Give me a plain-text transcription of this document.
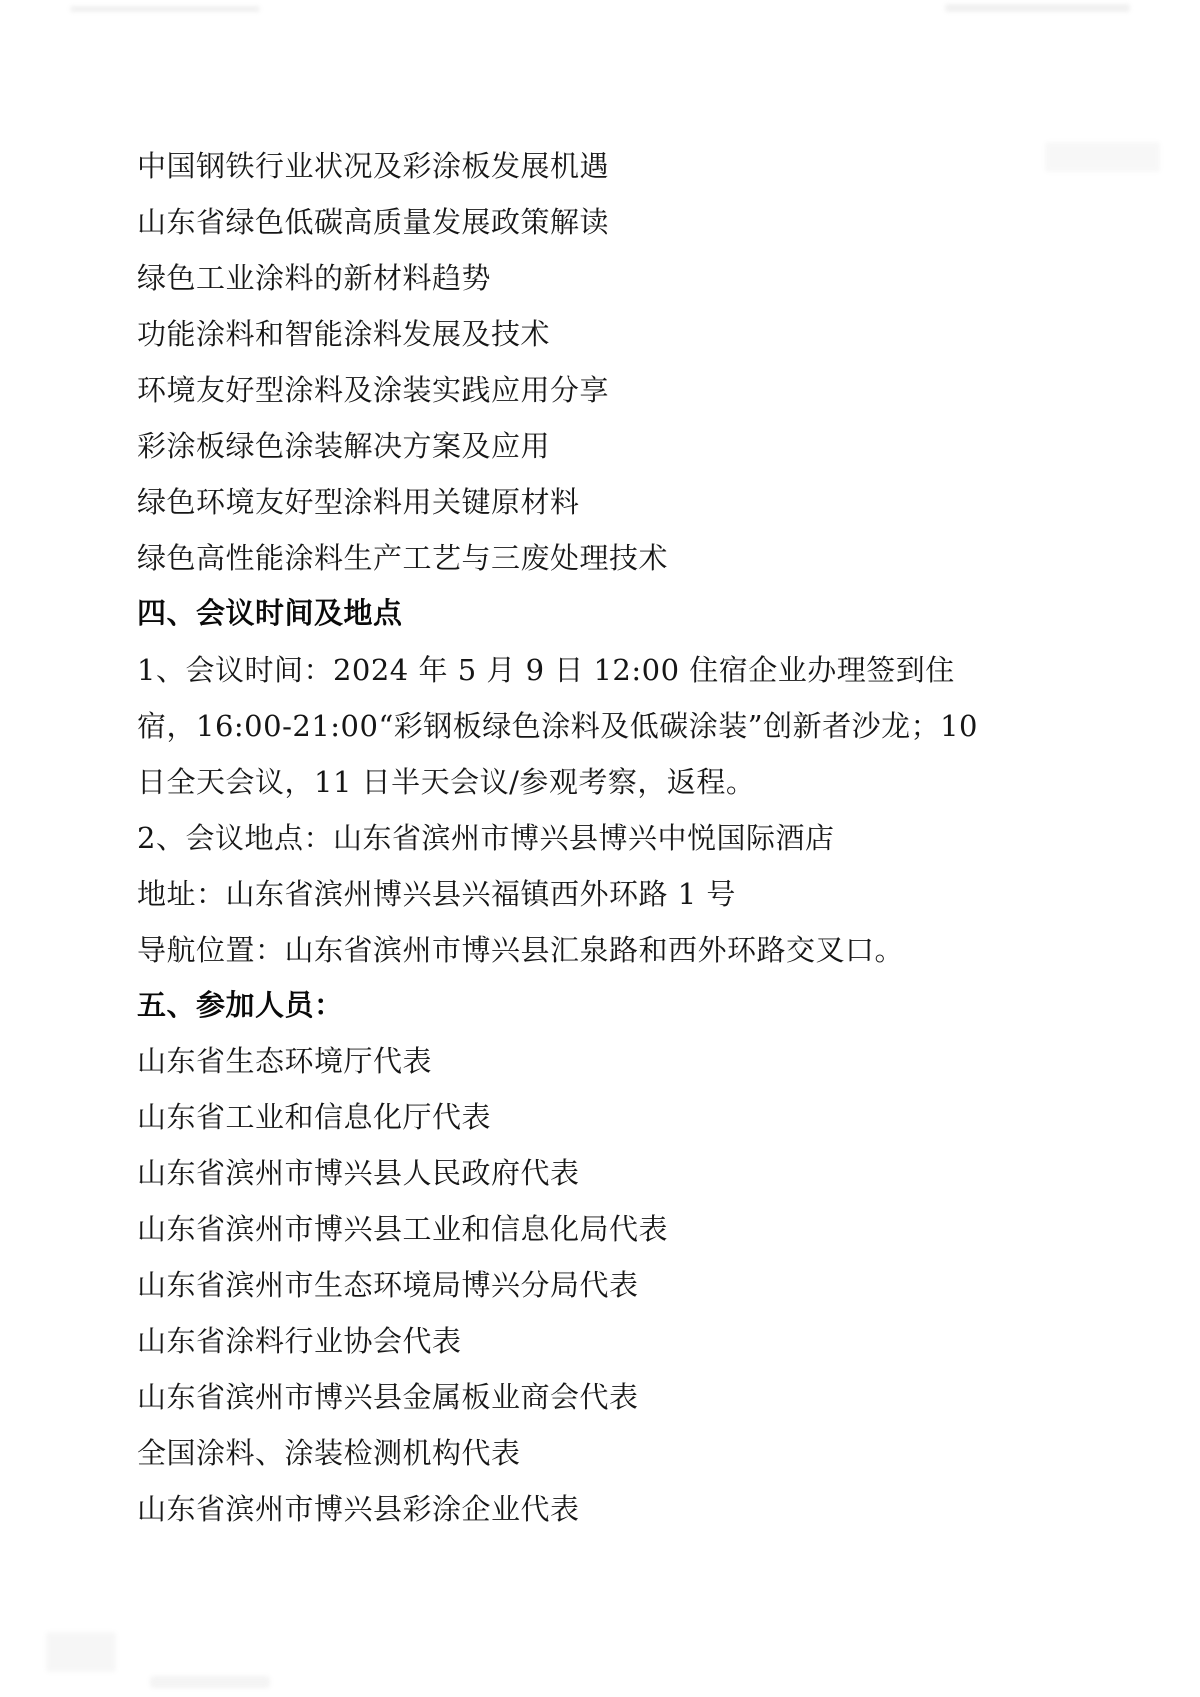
中国钢铁行业状况及彩涂板发展机遇

山东省绿色低碳高质量发展政策解读

绿色工业涂料的新材料趋势

功能涂料和智能涂料发展及技术

环境友好型涂料及涂装实践应用分享

彩涂板绿色涂装解决方案及应用

绿色环境友好型涂料用关键原材料

绿色高性能涂料生产工艺与三废处理技术

四、会议时间及地点

1、会议时间：2024 年 5 月 9 日 12:00 住宿企业办理签到住

宿，16:00-21:00“彩钢板绿色涂料及低碳涂装”创新者沙龙；10

日全天会议，11 日半天会议/参观考察，返程。

2、会议地点：山东省滨州市博兴县博兴中悦国际酒店

地址：山东省滨州博兴县兴福镇西外环路 1 号

导航位置：山东省滨州市博兴县汇泉路和西外环路交叉口。

五、参加人员：

山东省生态环境厅代表

山东省工业和信息化厅代表

山东省滨州市博兴县人民政府代表

山东省滨州市博兴县工业和信息化局代表

山东省滨州市生态环境局博兴分局代表

山东省涂料行业协会代表

山东省滨州市博兴县金属板业商会代表

全国涂料、涂装检测机构代表

山东省滨州市博兴县彩涂企业代表
